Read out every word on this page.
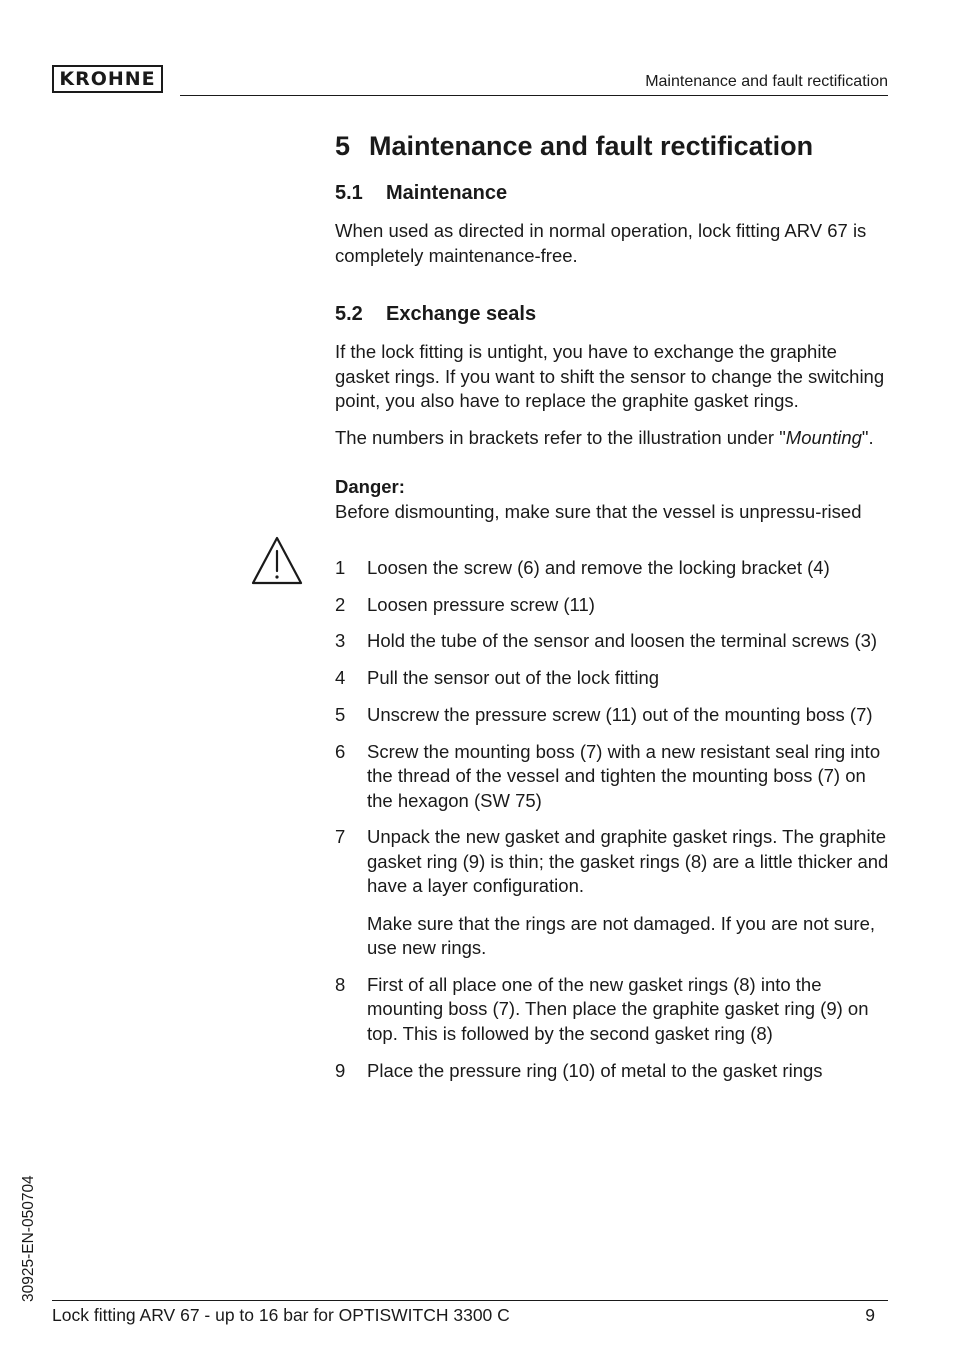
KROHNE	Maintenance and fault rectification
5 Maintenance and fault rectification
5.1 Maintenance

When used as directed in normal operation, lock fitting ARV 67 is completely maintenance-free.

5.2 Exchange seals

If the lock fitting is untight, you have to exchange the graphite gasket rings. If you want to shift the sensor to change the switching point, you also have to replace the graphite gasket rings.

The numbers in brackets refer to the illustration under "Mounting".

Danger:

Before dismounting, make sure that the vessel is unpressu-rised

1 Loosen the screw (6) and remove the locking bracket (4)
2 Loosen pressure screw (11)
3 Hold the tube of the sensor and loosen the terminal screws (3)
4 Pull the sensor out of the lock fitting
5 Unscrew the pressure screw (11) out of the mounting boss (7)
6 Screw the mounting boss (7) with a new resistant seal ring into the thread of the vessel and tighten the mounting boss (7) on the hexagon (SW 75)
7 Unpack the new gasket and graphite gasket rings. The graphite gasket ring (9) is thin; the gasket rings (8) are a little thicker and have a layer configuration.
Make sure that the rings are not damaged. If you are not sure, use new rings.
8 First of all place one of the new gasket rings (8) into the mounting boss (7). Then place the graphite gasket ring (9) on top. This is followed by the second gasket ring (8)
9 Place the pressure ring (10) of metal to the gasket rings
30925-EN-050704
Lock fitting ARV 67 - up to 16 bar for OPTISWITCH 3300 C	9
